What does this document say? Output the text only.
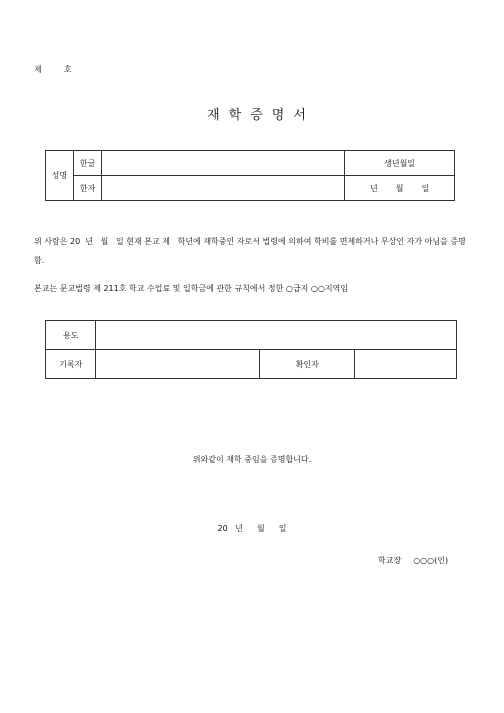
제	호
재학증명서
성명	한글		생년월일
	한자		년 월 일
위 사람은 20  년   월   일 현재 본교 제   학년에 재학중인 자로서 법령에 의하여 학비를 면제하거나 무상인 자가 아님을 증명함.
본교는 문교법령 제 211호 학교 수업료 및 입학금에 관한 규칙에서 정한 ○급지 ○○지역임
용도			
기록자		확인자	
위와같이 재학 중임을 증명합니다.
20   년 월 일
학교장 ○○○(인)
